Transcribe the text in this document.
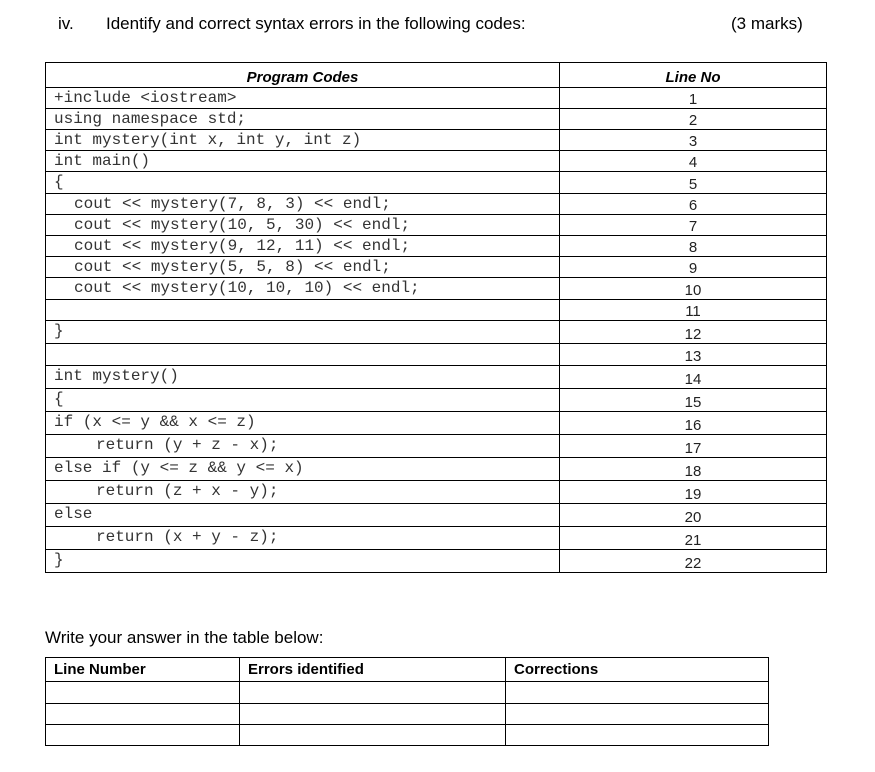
iv. Identify and correct syntax errors in the following codes:	(3 marks)
Program Codes	Line No
+include <iostream>	1
using namespace std;	2
int mystery(int x, int y, int z)	3
int main()	4
{	5
cout << mystery(7, 8, 3) << endl;	6
cout << mystery(10, 5, 30) << endl;	7
cout << mystery(9, 12, 11) << endl;	8
cout << mystery(5, 5, 8) << endl;	9
cout << mystery(10, 10, 10) << endl;	10
	11
}	12
	13
int mystery()	14
{	15
if (x <= y && x <= z)	16
return (y + z - x);	17
else if (y <= z && y <= x)	18
return (z + x - y);	19
else	20
return (x + y - z);	21
}	22
Write your answer in the table below:
Line Number	Errors identified	Corrections
